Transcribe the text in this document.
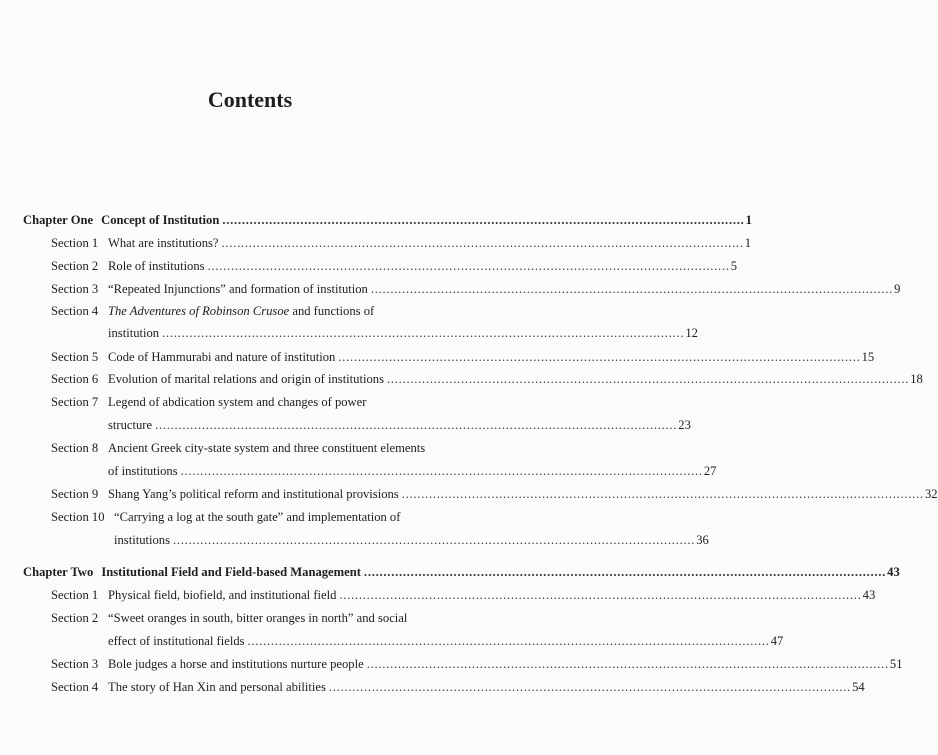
Contents
Chapter One Concept of Institution . . .	1
Section 1 What are institutions? . . .	1
Section 2 Role of institutions . . .	5
Section 3 “Repeated Injunctions” and formation of institution . . .	9
Section 4 The Adventures of Robinson Crusoe and functions of
institution . . .	12
Section 5 Code of Hammurabi and nature of institution . . .	15
Section 6 Evolution of marital relations and origin of institutions . . .	18
Section 7 Legend of abdication system and changes of power
structure . . .	23
Section 8 Ancient Greek city-state system and three constituent elements
of institutions . . .	27
Section 9 Shang Yang’s political reform and institutional provisions . . .	32
Section 10 “Carrying a log at the south gate” and implementation of
institutions . . .	36
Chapter Two Institutional Field and Field-based Management . . .	43
Section 1 Physical field, biofield, and institutional field . . .	43
Section 2 “Sweet oranges in south, bitter oranges in north” and social
effect of institutional fields . . .	47
Section 3 Bole judges a horse and institutions nurture people . . .	51
Section 4 The story of Han Xin and personal abilities . . .	54
